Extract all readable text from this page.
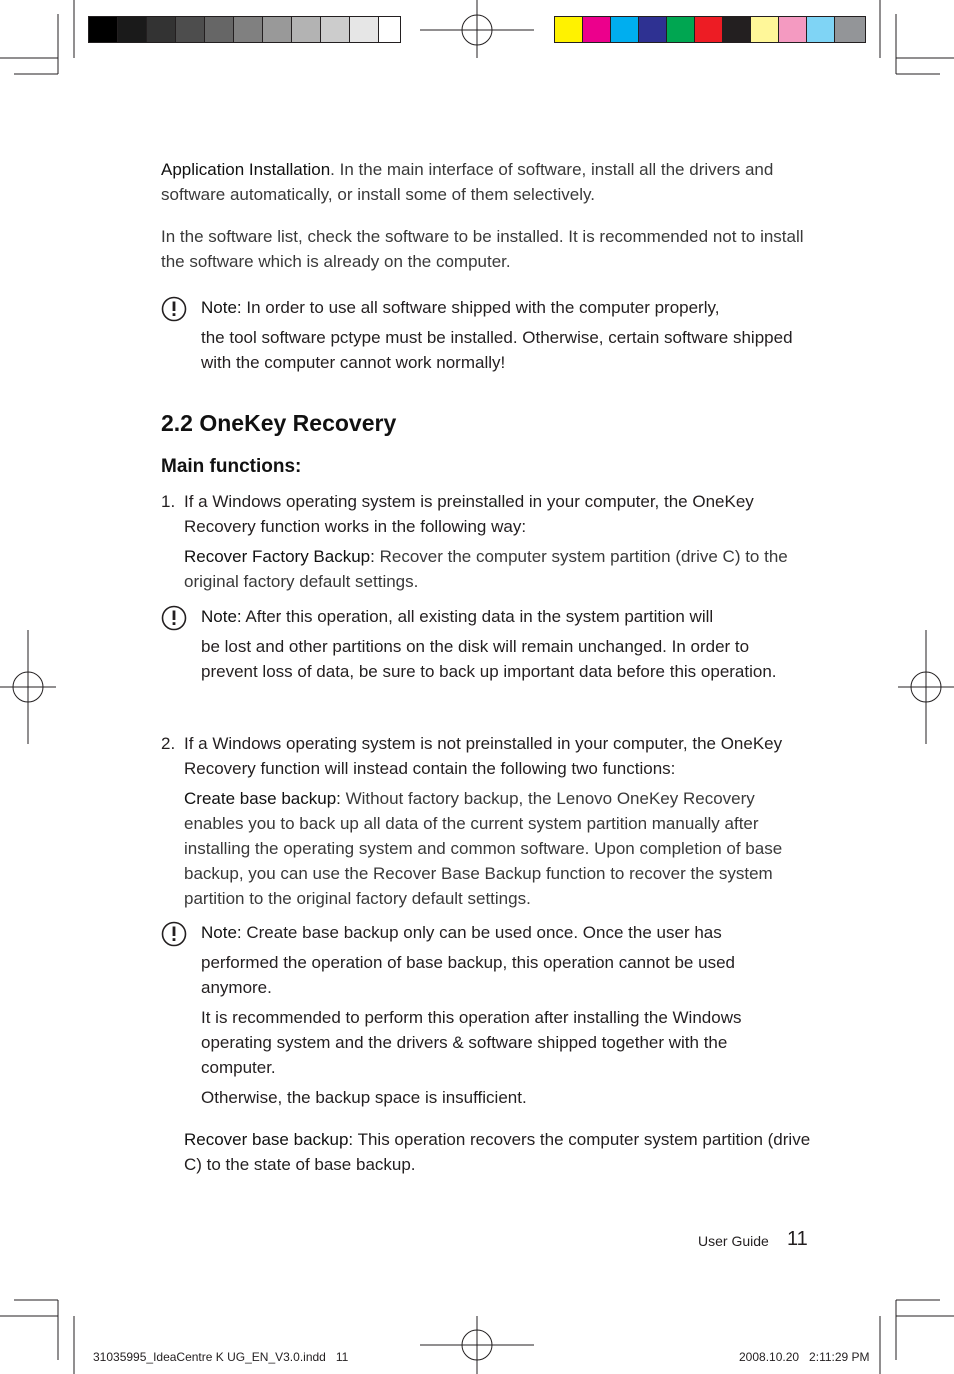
Application Installation. In the main interface of software, install all the drivers and software automatically, or install some of them selectively.
In the software list, check the software to be installed. It is recommended not to install the software which is already on the computer.
Note: In order to use all software shipped with the computer properly,
the tool software pctype must be installed. Otherwise, certain software shipped with the computer cannot work normally!
2.2 OneKey Recovery
Main functions:
1. If a Windows operating system is preinstalled in your computer, the OneKey Recovery function works in the following way:
Recover Factory Backup: Recover the computer system partition (drive C) to the original factory default settings.
Note: After this operation, all existing data in the system partition will
be lost and other partitions on the disk will remain unchanged. In order to prevent loss of data, be sure to back up important data before this operation.
2. If a Windows operating system is not preinstalled in your computer, the OneKey Recovery function will instead contain the following two functions:
Create base backup: Without factory backup, the Lenovo OneKey Recovery enables you to back up all data of the current system partition manually after installing the operating system and common software. Upon completion of base backup, you can use the Recover Base Backup function to recover the system partition to the original factory default settings.
Note: Create base backup only can be used once. Once the user has
performed the operation of base backup, this operation cannot be used anymore.
It is recommended to perform this operation after installing the Windows operating system and the drivers & software shipped together with the computer.
Otherwise, the backup space is insufficient.
Recover base backup: This operation recovers the computer system partition (drive C) to the state of base backup.
User Guide 11
31035995_IdeaCentre K UG_EN_V3.0.indd   11	2008.10.20   2:11:29 PM
